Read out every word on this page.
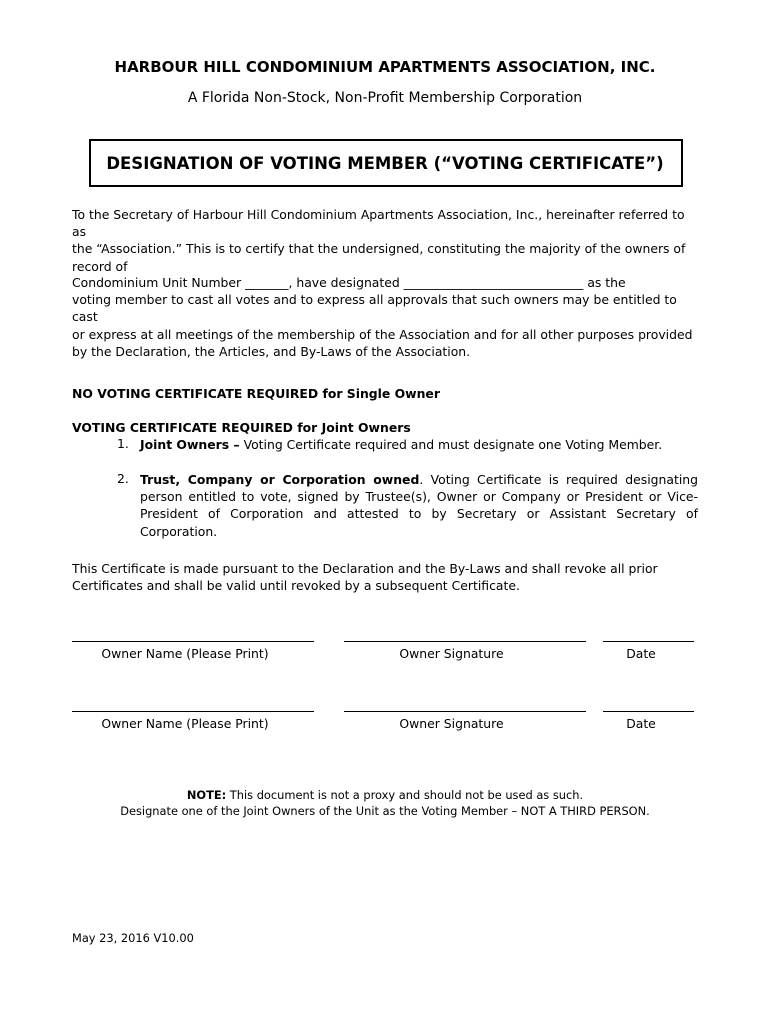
HARBOUR HILL CONDOMINIUM APARTMENTS ASSOCIATION, INC.
A Florida Non-Stock, Non-Profit Membership Corporation
DESIGNATION OF VOTING MEMBER (“VOTING CERTIFICATE”)
To the Secretary of Harbour Hill Condominium Apartments Association, Inc., hereinafter referred to as
the “Association.” This is to certify that the undersigned, constituting the majority of the owners of
record of
Condominium Unit Number _______, have designated _____________________________ as the
voting member to cast all votes and to express all approvals that such owners may be entitled to cast
or express at all meetings of the membership of the Association and for all other purposes provided
by the Declaration, the Articles, and By-Laws of the Association.
NO VOTING CERTIFICATE REQUIRED for Single Owner
VOTING CERTIFICATE REQUIRED for Joint Owners
1. Joint Owners – Voting Certificate required and must designate one Voting Member.
2. Trust, Company or Corporation owned. Voting Certificate is required designating
person entitled to vote, signed by Trustee(s), Owner or Company or President or Vice-
President of Corporation and attested to by Secretary or Assistant Secretary of
Corporation.
This Certificate is made pursuant to the Declaration and the By-Laws and shall revoke all prior
Certificates and shall be valid until revoked by a subsequent Certificate.
Owner Name (Please Print)	Owner Signature	Date
Owner Name (Please Print)	Owner Signature	Date
NOTE: This document is not a proxy and should not be used as such.
Designate one of the Joint Owners of the Unit as the Voting Member – NOT A THIRD PERSON.
May 23, 2016 V10.00
